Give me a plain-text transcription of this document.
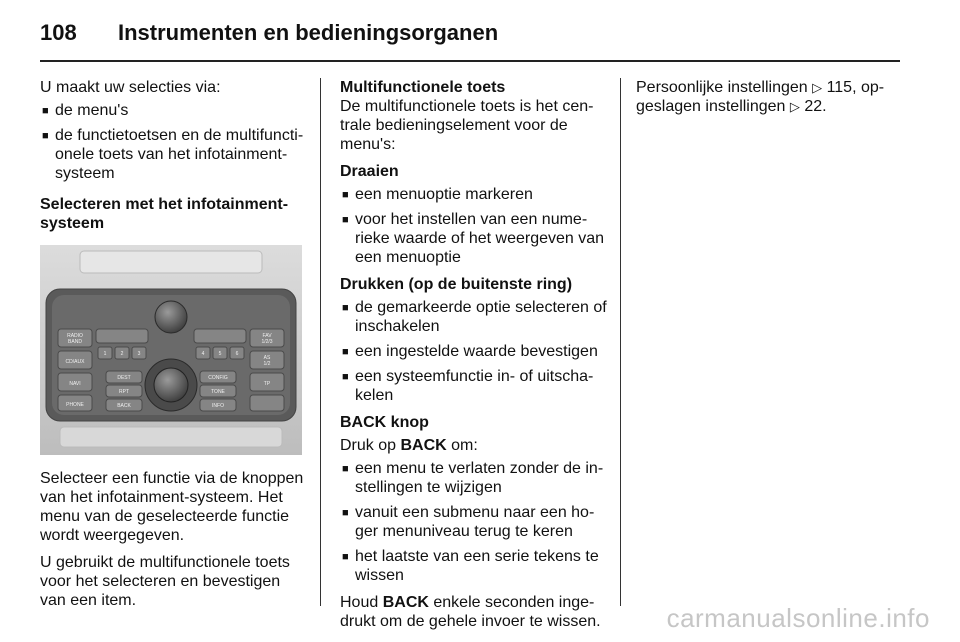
108	Instrumenten en bedieningsorganen

U maakt uw selecties via:

■ de menu's
■ de functietoetsen en de multifuncti-onele toets van het infotainment-systeem

Selecteren met het infotainment-systeem

RADIO
BAND
CD/AUX
NAVI
PHONE
FAV
1/2/3
AS
1/2
TP
DEST
RPT
BACK
CONFIG
TONE
INFO
1	2	3	4	5	6

Selecteer een functie via de knoppen van het infotainment-systeem. Het menu van de geselecteerde functie wordt weergegeven.

U gebruikt de multifunctionele toets voor het selecteren en bevestigen van een item.

Multifunctionele toets

De multifunctionele toets is het cen-trale bedieningselement voor de menu's:

Draaien
■ een menuoptie markeren
■ voor het instellen van een nume-rieke waarde of het weergeven van een menuoptie
Drukken (op de buitenste ring)
■ de gemarkeerde optie selecteren of inschakelen
■ een ingestelde waarde bevestigen
■ een systeemfunctie in- of uitscha-kelen
BACK knop

Druk op BACK om:

■ een menu te verlaten zonder de in-stellingen te wijzigen
■ vanuit een submenu naar een ho-ger menuniveau terug te keren
■ het laatste van een serie tekens te wissen

Houd BACK enkele seconden inge-drukt om de gehele invoer te wissen.

Persoonlijke instellingen ▷ 115, op-geslagen instellingen ▷ 22.

carmanualsonline.info
